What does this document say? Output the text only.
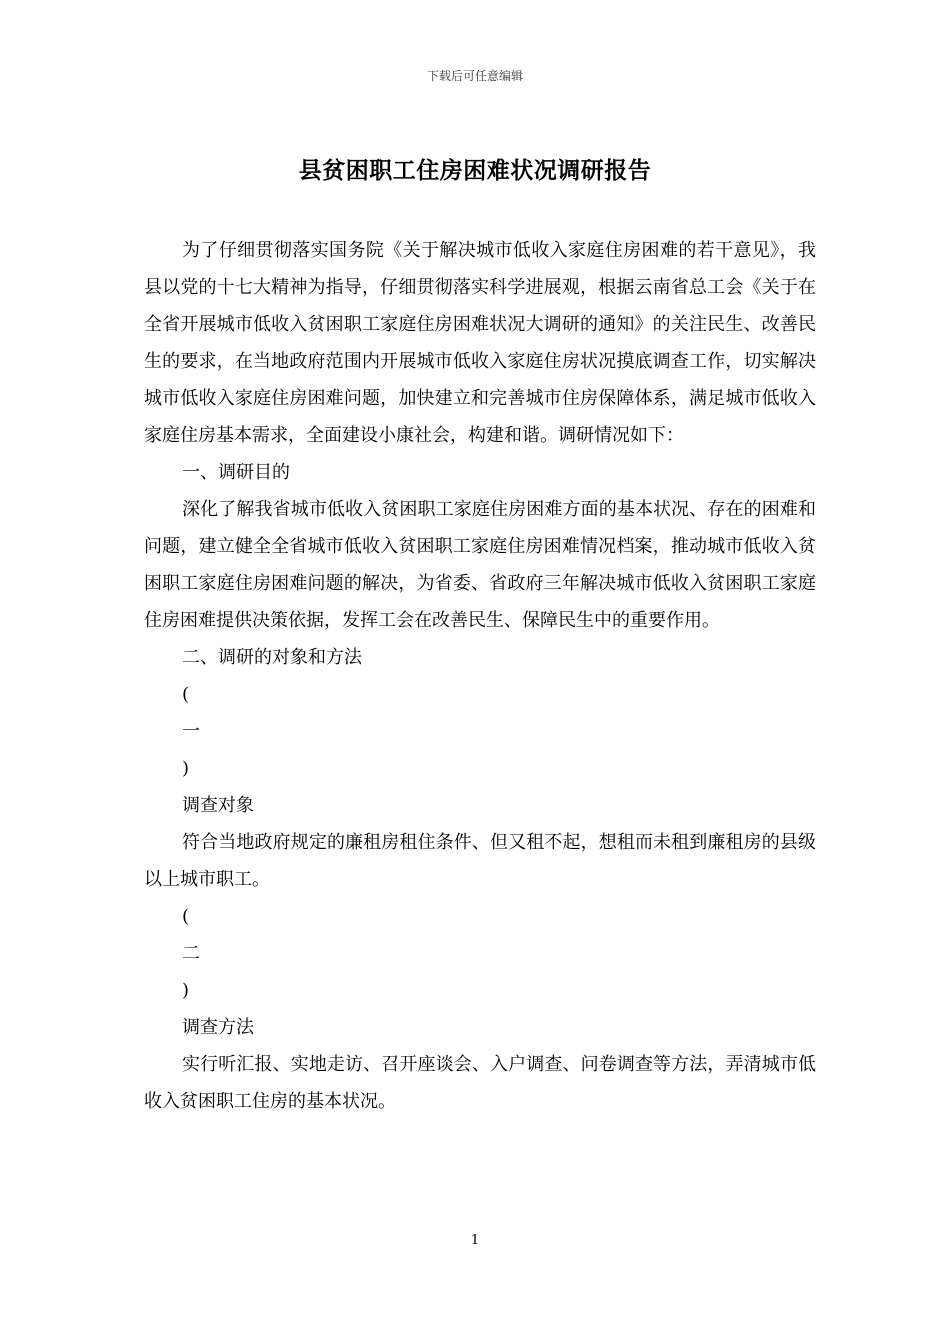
下载后可任意编辑
县贫困职工住房困难状况调研报告

为了仔细贯彻落实国务院《关于解决城市低收入家庭住房困难的若干意见》，我县以党的十七大精神为指导，仔细贯彻落实科学进展观，根据云南省总工会《关于在全省开展城市低收入贫困职工家庭住房困难状况大调研的通知》的关注民生、改善民生的要求，在当地政府范围内开展城市低收入家庭住房状况摸底调查工作，切实解决城市低收入家庭住房困难问题，加快建立和完善城市住房保障体系，满足城市低收入家庭住房基本需求，全面建设小康社会，构建和谐。调研情况如下：

一、调研目的

深化了解我省城市低收入贫困职工家庭住房困难方面的基本状况、存在的困难和问题，建立健全全省城市低收入贫困职工家庭住房困难情况档案，推动城市低收入贫困职工家庭住房困难问题的解决，为省委、省政府三年解决城市低收入贫困职工家庭住房困难提供决策依据，发挥工会在改善民生、保障民生中的重要作用。

二、调研的对象和方法

(

一

)

调查对象

符合当地政府规定的廉租房租住条件、但又租不起，想租而未租到廉租房的县级以上城市职工。

(

二

)

调查方法

实行听汇报、实地走访、召开座谈会、入户调查、问卷调查等方法，弄清城市低收入贫困职工住房的基本状况。

1
